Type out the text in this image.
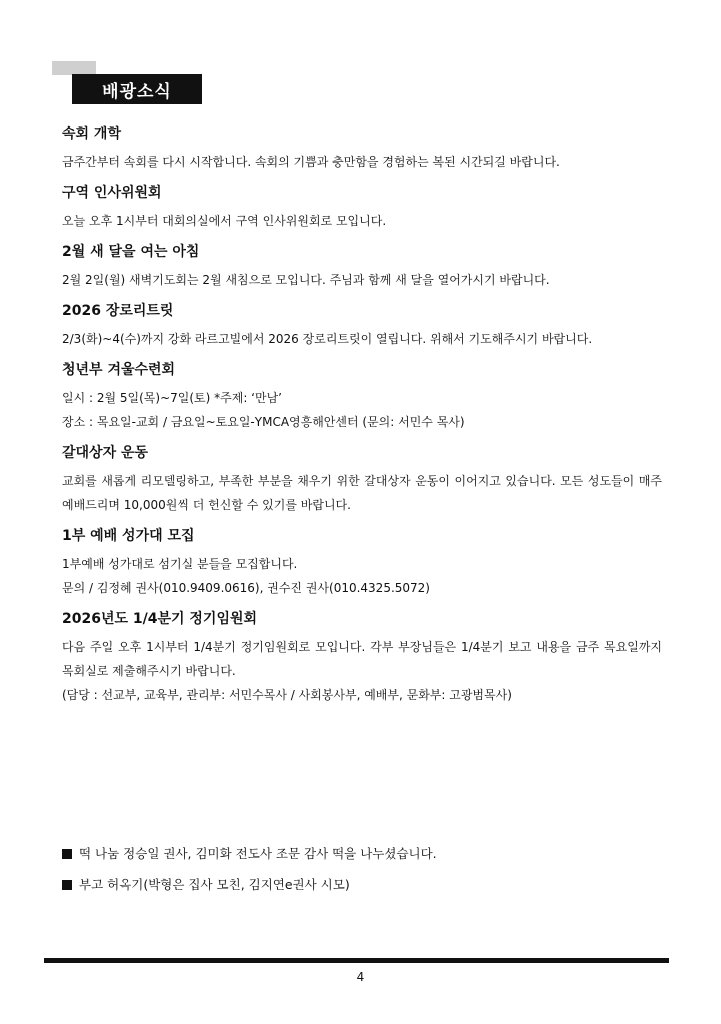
배광소식
속회 개학
금주간부터 속회를 다시 시작합니다. 속회의 기쁨과 충만함을 경험하는 복된 시간되길 바랍니다.
구역 인사위원회
오늘 오후 1시부터 대회의실에서 구역 인사위원회로 모입니다.
2월 새 달을 여는 아침
2월 2일(월) 새벽기도회는 2월 새침으로 모입니다. 주님과 함께 새 달을 열어가시기 바랍니다.
2026 장로리트릿
2/3(화)~4(수)까지 강화 라르고빌에서 2026 장로리트릿이 열립니다. 위해서 기도해주시기 바랍니다.
청년부 겨울수련회
일시 : 2월 5일(목)~7일(토) *주제: ‘만남’
장소 : 목요일-교회 / 금요일~토요일-YMCA영흥해안센터 (문의: 서민수 목사)
갈대상자 운동
교회를 새롭게 리모델링하고, 부족한 부분을 채우기 위한 갈대상자 운동이 이어지고 있습니다. 모든 성도들이 매주 예배드리며 10,000원씩 더 헌신할 수 있기를 바랍니다.
1부 예배 성가대 모집
1부예배 성가대로 섬기실 분들을 모집합니다.
문의 / 김정혜 권사(010.9409.0616), 권수진 권사(010.4325.5072)
2026년도 1/4분기 정기임원회
다음 주일 오후 1시부터 1/4분기 정기임원회로 모입니다. 각부 부장님들은 1/4분기 보고 내용을 금주 목요일까지 목회실로 제출해주시기 바랍니다.
(담당 : 선교부, 교육부, 관리부: 서민수목사 / 사회봉사부, 예배부, 문화부: 고광범목사)
떡 나눔 정승일 권사, 김미화 전도사 조문 감사 떡을 나누셨습니다.
부고 허옥기(박형은 집사 모친, 김지연e권사 시모)
4
